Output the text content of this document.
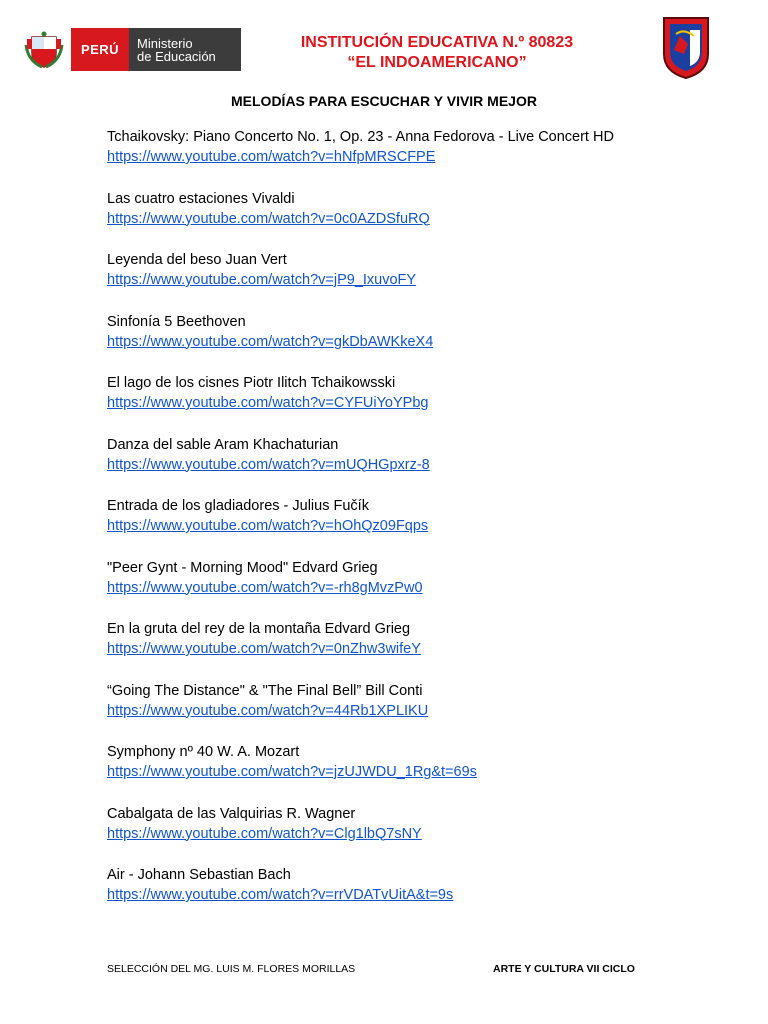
PERÚ Ministerio
de Educación
INSTITUCIÓN EDUCATIVA N.º 80823
“EL INDOAMERICANO”
MELODÍAS PARA ESCUCHAR Y VIVIR MEJOR
Tchaikovsky: Piano Concerto No. 1, Op. 23 - Anna Fedorova - Live Concert HD
https://www.youtube.com/watch?v=hNfpMRSCFPE
Las cuatro estaciones Vivaldi
https://www.youtube.com/watch?v=0c0AZDSfuRQ
Leyenda del beso Juan Vert
https://www.youtube.com/watch?v=jP9_IxuvoFY
Sinfonía 5 Beethoven
https://www.youtube.com/watch?v=gkDbAWKkeX4
El lago de los cisnes Piotr Ilitch Tchaikowsski
https://www.youtube.com/watch?v=CYFUiYoYPbg
Danza del sable Aram Khachaturian
https://www.youtube.com/watch?v=mUQHGpxrz-8
Entrada de los gladiadores - Julius Fučík
https://www.youtube.com/watch?v=hOhQz09Fqps
"Peer Gynt - Morning Mood" Edvard Grieg
https://www.youtube.com/watch?v=-rh8gMvzPw0
En la gruta del rey de la montaña Edvard Grieg
https://www.youtube.com/watch?v=0nZhw3wifeY
“Going The Distance" & "The Final Bell” Bill Conti
https://www.youtube.com/watch?v=44Rb1XPLIKU
Symphony nº 40 W. A. Mozart
https://www.youtube.com/watch?v=jzUJWDU_1Rg&t=69s
Cabalgata de las Valquirias R. Wagner
https://www.youtube.com/watch?v=Clg1lbQ7sNY
Air - Johann Sebastian Bach
https://www.youtube.com/watch?v=rrVDATvUitA&t=9s
SELECCIÓN DEL MG. LUIS M. FLORES MORILLAS	ARTE Y CULTURA VII CICLO
